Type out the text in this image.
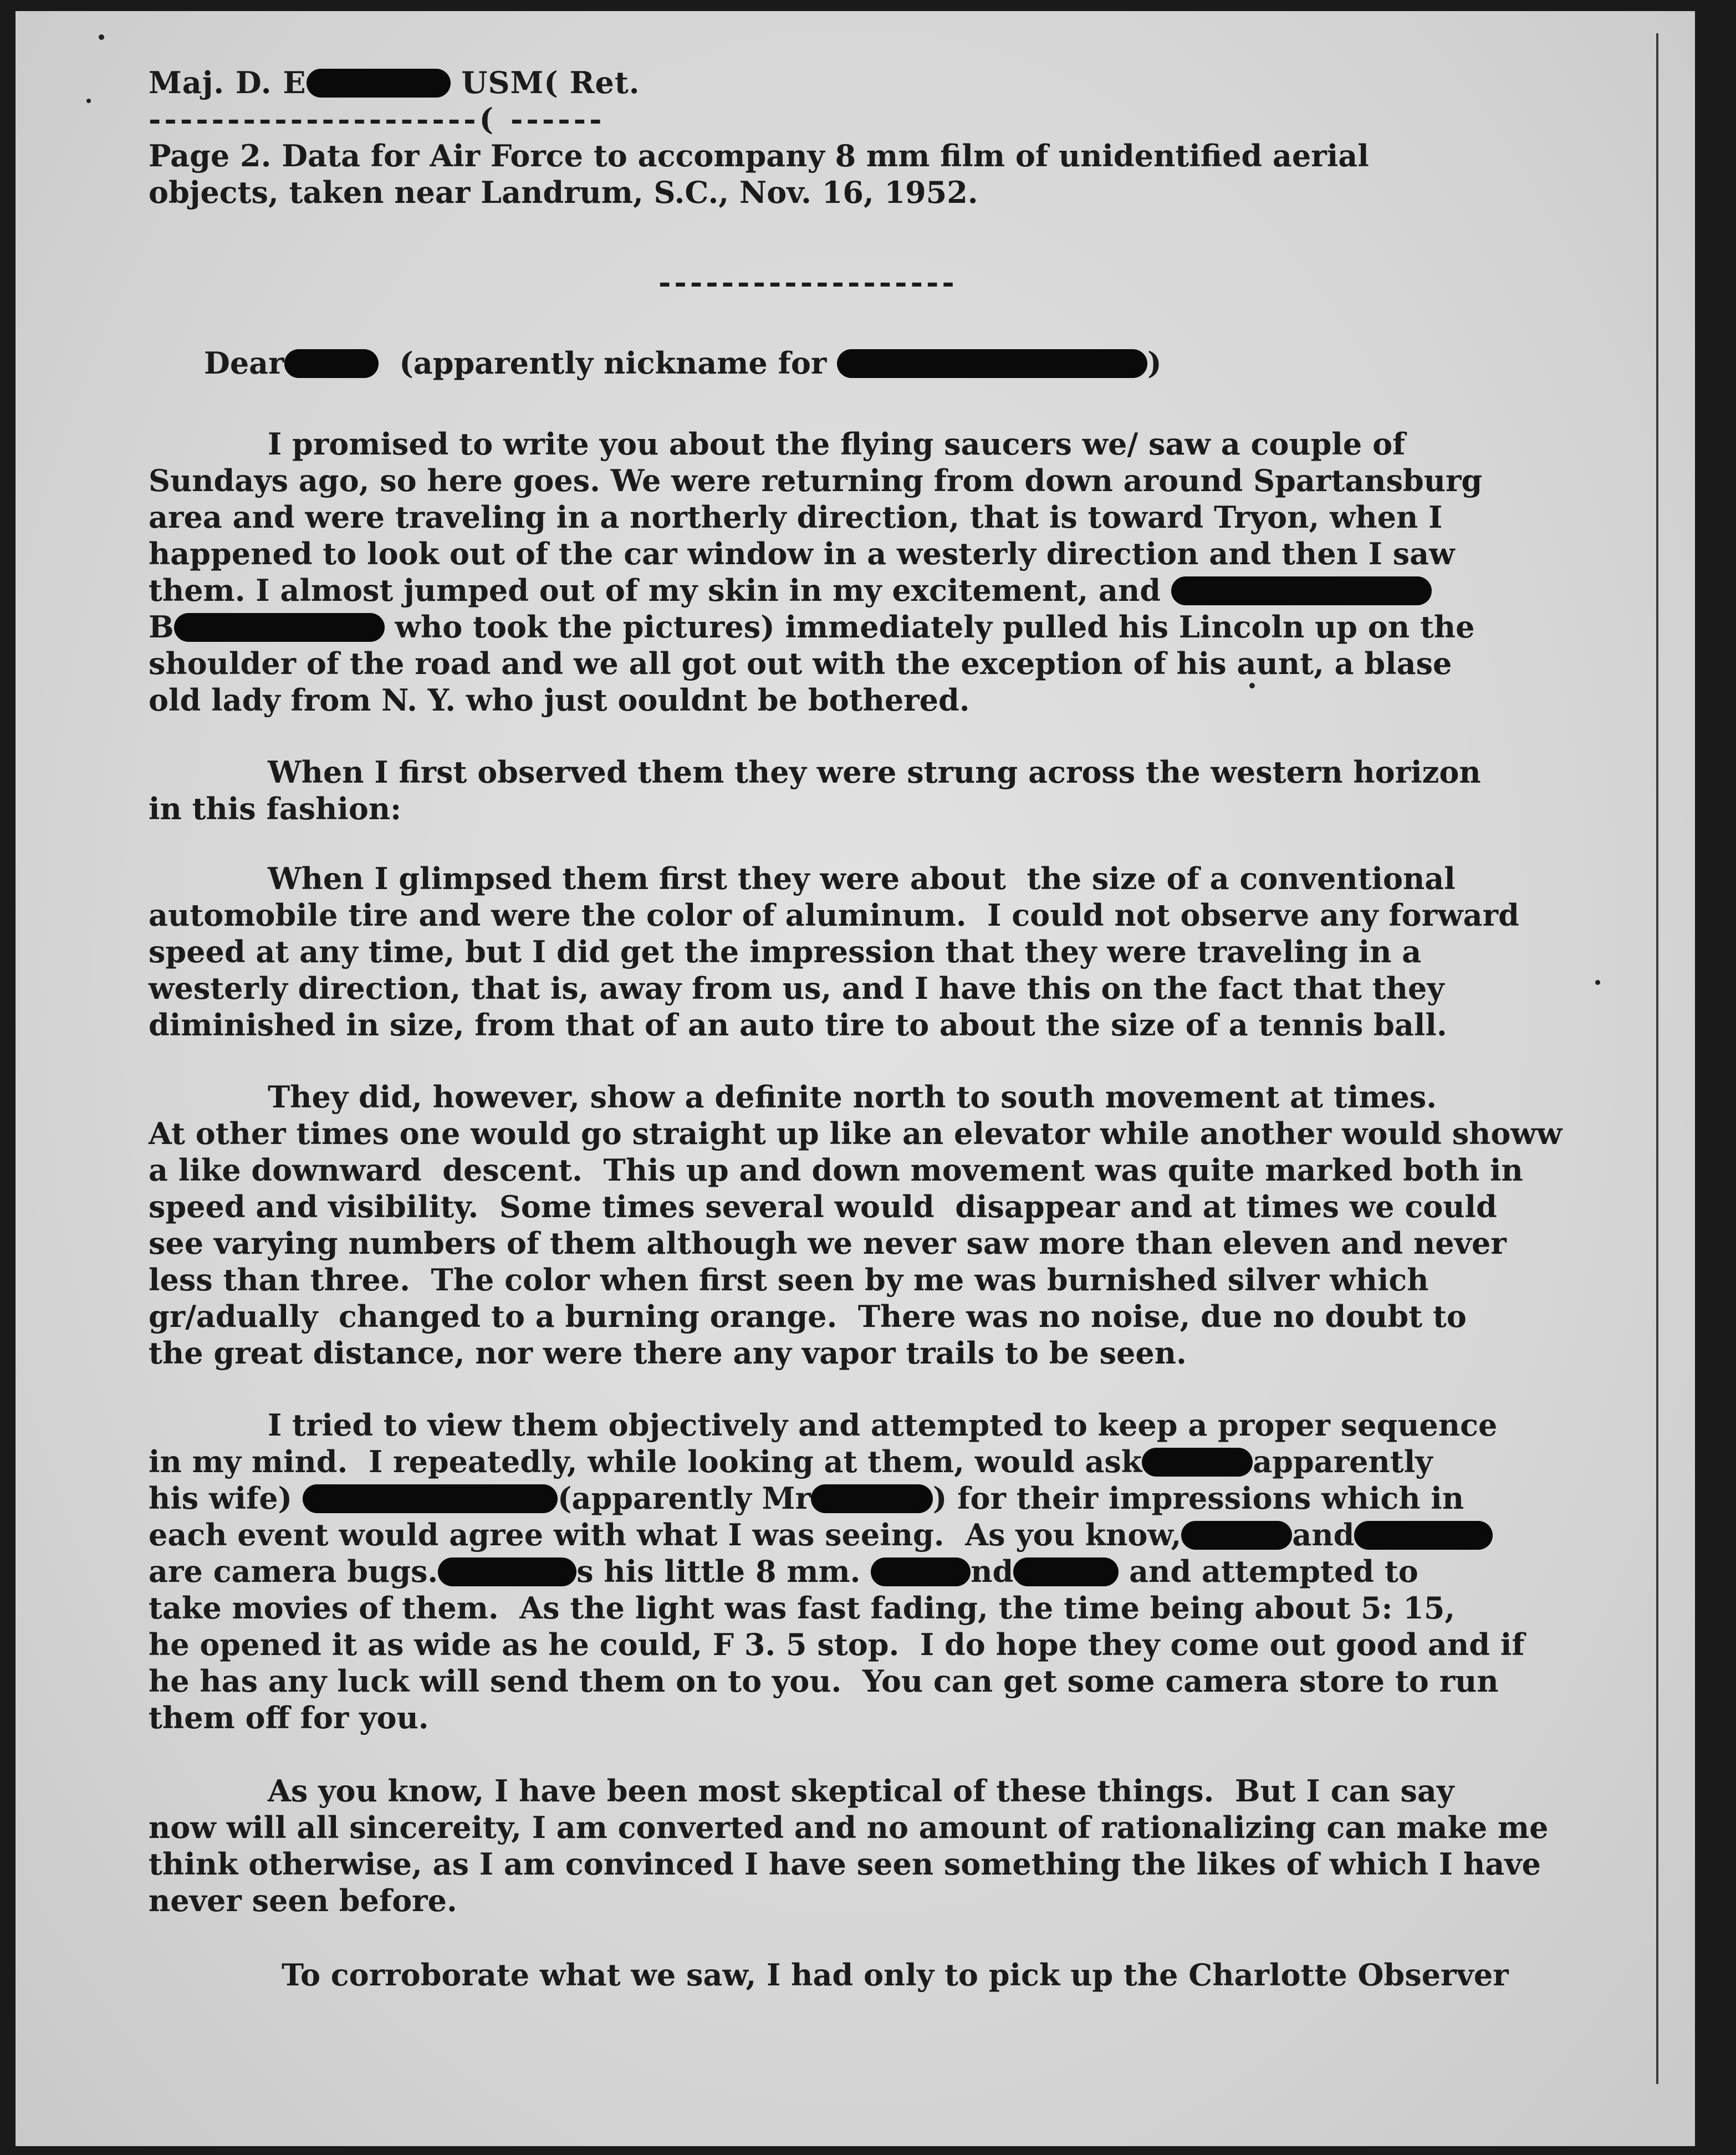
Maj. D. E	USM( Ret.
---------------------( ------
Page 2. Data for Air Force to accompany 8 mm film of unidentified aerial
objects, taken near Landrum, S.C., Nov. 16, 1952.
-------------------
Dear	(apparently nickname for	)
I promised to write you about the flying saucers we/ saw a couple of
Sundays ago, so here goes. We were returning from down around Spartansburg
area and were traveling in a northerly direction, that is toward Tryon, when I
happened to look out of the car window in a westerly direction and then I saw
them. I almost jumped out of my skin in my excitement, and
B	who took the pictures) immediately pulled his Lincoln up on the
shoulder of the road and we all got out with the exception of his aunt, a blase
old lady from N. Y. who just oouldnt be bothered.
When I first observed them they were strung across the western horizon
in this fashion:
When I glimpsed them first they were about  the size of a conventional
automobile tire and were the color of aluminum.  I could not observe any forward
speed at any time, but I did get the impression that they were traveling in a
westerly direction, that is, away from us, and I have this on the fact that they
diminished in size, from that of an auto tire to about the size of a tennis ball.
They did, however, show a definite north to south movement at times.
At other times one would go straight up like an elevator while another would showw
a like downward  descent.  This up and down movement was quite marked both in
speed and visibility.  Some times several would  disappear and at times we could
see varying numbers of them although we never saw more than eleven and never
less than three.  The color when first seen by me was burnished silver which
gr/adually  changed to a burning orange.  There was no noise, due no doubt to
the great distance, nor were there any vapor trails to be seen.
I tried to view them objectively and attempted to keep a proper sequence
in my mind.  I repeatedly, while looking at them, would ask	apparently
his wife)	(apparently Mr	) for their impressions which in
each event would agree with what I was seeing.  As you know,	and
are camera bugs.	s his little 8 mm.	nd	and attempted to
take movies of them.  As the light was fast fading, the time being about 5: 15,
he opened it as wide as he could, F 3. 5 stop.  I do hope they come out good and if
he has any luck will send them on to you.  You can get some camera store to run
them off for you.
As you know, I have been most skeptical of these things.  But I can say
now will all sincereity, I am converted and no amount of rationalizing can make me
think otherwise, as I am convinced I have seen something the likes of which I have
never seen before.
To corroborate what we saw, I had only to pick up the Charlotte Observer
